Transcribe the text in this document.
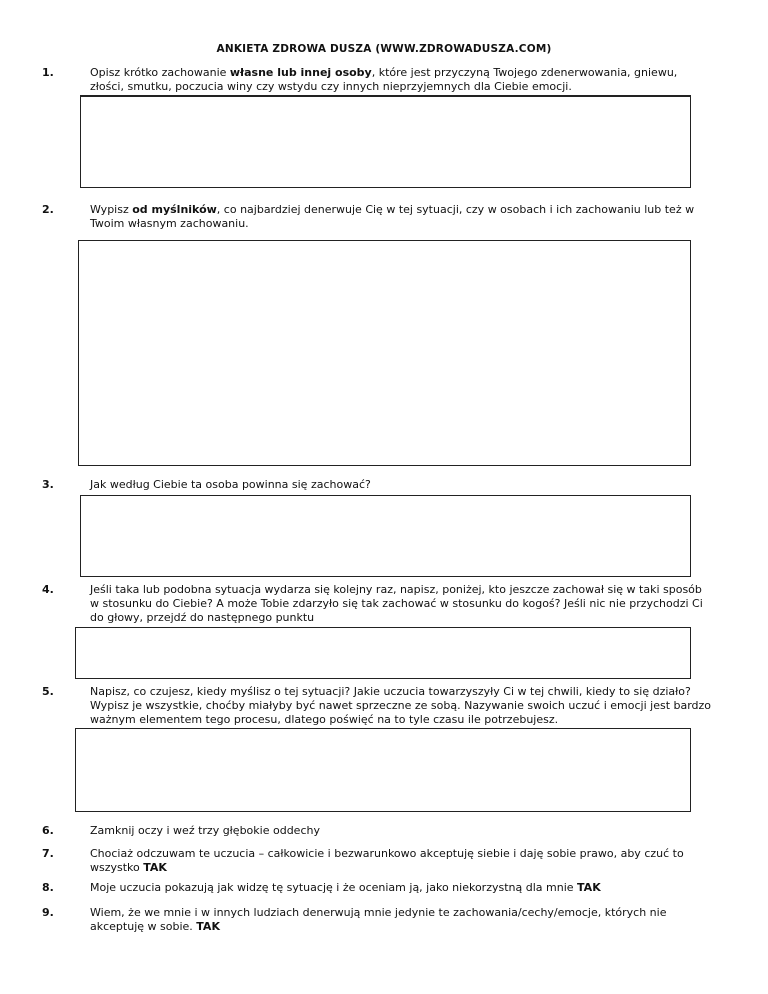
ANKIETA ZDROWA DUSZA (WWW.ZDROWADUSZA.COM)
1.	Opisz krótko zachowanie własne lub innej osoby, które jest przyczyną Twojego zdenerwowania, gniewu, złości, smutku, poczucia winy czy wstydu czy innych nieprzyjemnych dla Ciebie emocji.
2.	Wypisz od myślników, co najbardziej denerwuje Cię w tej sytuacji, czy w osobach i ich zachowaniu lub też w Twoim własnym zachowaniu.
3.	Jak według Ciebie ta osoba powinna się zachować?
4.	Jeśli taka lub podobna sytuacja wydarza się kolejny raz, napisz, poniżej, kto jeszcze zachował się w taki sposób w stosunku do Ciebie? A może Tobie zdarzyło się tak zachować w stosunku do kogoś? Jeśli nic nie przychodzi Ci do głowy, przejdź do następnego punktu
5.	Napisz, co czujesz, kiedy myślisz o tej sytuacji? Jakie uczucia towarzyszyły Ci w tej chwili, kiedy to się działo? Wypisz je wszystkie, choćby miałyby być nawet sprzeczne ze sobą. Nazywanie swoich uczuć i emocji jest bardzo ważnym elementem tego procesu, dlatego poświęć na to tyle czasu ile potrzebujesz.
6.	Zamknij oczy i weź trzy głębokie oddechy
7.	Chociaż odczuwam te uczucia – całkowicie i bezwarunkowo akceptuję siebie i daję sobie prawo, aby czuć to wszystko TAK
8.	Moje uczucia pokazują jak widzę tę sytuację i że oceniam ją, jako niekorzystną dla mnie TAK
9.	Wiem, że we mnie i w innych ludziach denerwują mnie jedynie te zachowania/cechy/emocje, których nie akceptuję w sobie. TAK
